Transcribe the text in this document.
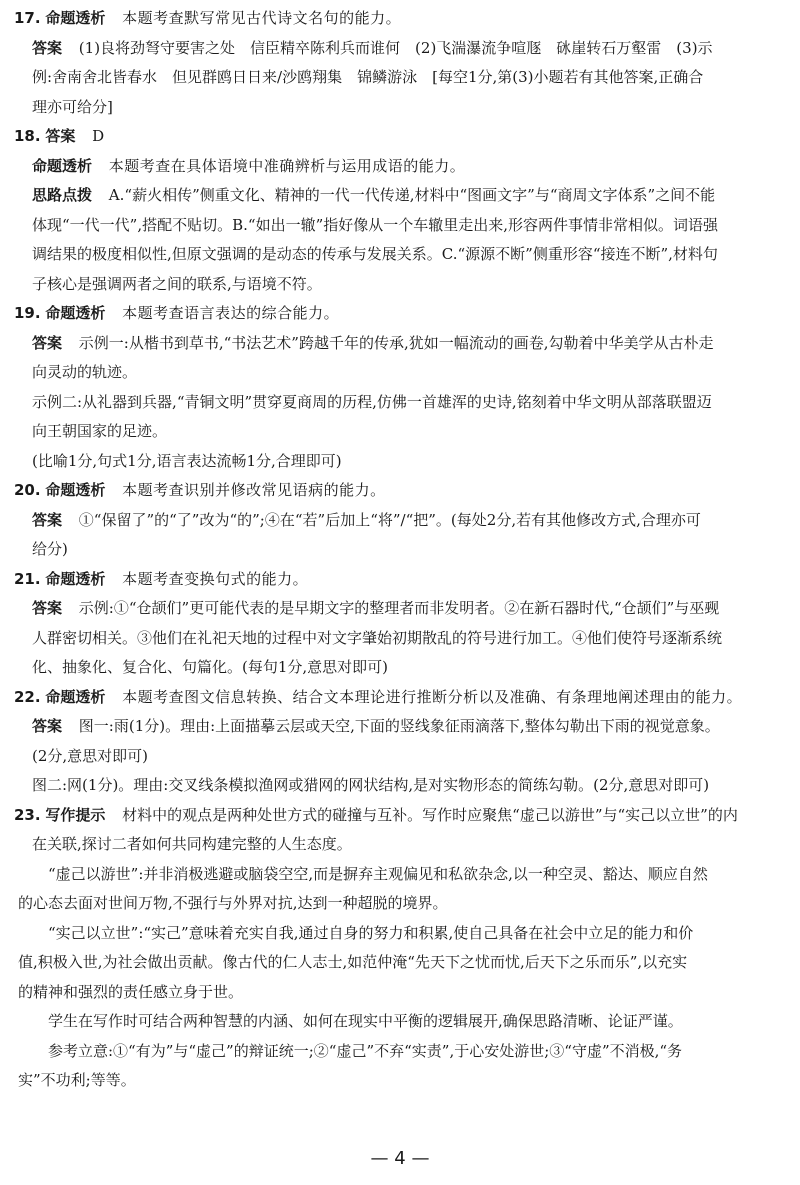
17. 命题透析 本题考查默写常见古代诗文名句的能力。
答案 (1)良将劲弩守要害之处　信臣精卒陈利兵而谁何　(2)飞湍瀑流争喧豗　砯崖转石万壑雷　(3)示
例:舍南舍北皆春水　但见群鸥日日来/沙鸥翔集　锦鳞游泳　[每空1分,第(3)小题若有其他答案,正确合
理亦可给分]
18. 答案 D
命题透析 本题考查在具体语境中准确辨析与运用成语的能力。
思路点拨 A.“薪火相传”侧重文化、精神的一代一代传递,材料中“图画文字”与“商周文字体系”之间不能
体现“一代一代”,搭配不贴切。B.“如出一辙”指好像从一个车辙里走出来,形容两件事情非常相似。词语强
调结果的极度相似性,但原文强调的是动态的传承与发展关系。C.“源源不断”侧重形容“接连不断”,材料句
子核心是强调两者之间的联系,与语境不符。
19. 命题透析 本题考查语言表达的综合能力。
答案 示例一:从楷书到草书,“书法艺术”跨越千年的传承,犹如一幅流动的画卷,勾勒着中华美学从古朴走
向灵动的轨迹。
示例二:从礼器到兵器,“青铜文明”贯穿夏商周的历程,仿佛一首雄浑的史诗,铭刻着中华文明从部落联盟迈
向王朝国家的足迹。
(比喻1分,句式1分,语言表达流畅1分,合理即可)
20. 命题透析 本题考查识别并修改常见语病的能力。
答案 ①“保留了”的“了”改为“的”;④在“若”后加上“将”/“把”。(每处2分,若有其他修改方式,合理亦可
给分)
21. 命题透析 本题考查变换句式的能力。
答案 示例:①“仓颉们”更可能代表的是早期文字的整理者而非发明者。②在新石器时代,“仓颉们”与巫觋
人群密切相关。③他们在礼祀天地的过程中对文字肇始初期散乱的符号进行加工。④他们使符号逐渐系统
化、抽象化、复合化、句篇化。(每句1分,意思对即可)
22. 命题透析 本题考查图文信息转换、结合文本理论进行推断分析以及准确、有条理地阐述理由的能力。
答案 图一:雨(1分)。理由:上面描摹云层或天空,下面的竖线象征雨滴落下,整体勾勒出下雨的视觉意象。
(2分,意思对即可)
图二:网(1分)。理由:交叉线条模拟渔网或猎网的网状结构,是对实物形态的简练勾勒。(2分,意思对即可)
23. 写作提示 材料中的观点是两种处世方式的碰撞与互补。写作时应聚焦“虚己以游世”与“实己以立世”的内
在关联,探讨二者如何共同构建完整的人生态度。
“虚己以游世”:并非消极逃避或脑袋空空,而是摒弃主观偏见和私欲杂念,以一种空灵、豁达、顺应自然
的心态去面对世间万物,不强行与外界对抗,达到一种超脱的境界。
“实己以立世”:“实己”意味着充实自我,通过自身的努力和积累,使自己具备在社会中立足的能力和价
值,积极入世,为社会做出贡献。像古代的仁人志士,如范仲淹“先天下之忧而忧,后天下之乐而乐”,以充实
的精神和强烈的责任感立身于世。
学生在写作时可结合两种智慧的内涵、如何在现实中平衡的逻辑展开,确保思路清晰、论证严谨。
参考立意:①“有为”与“虚己”的辩证统一;②“虚己”不弃“实责”,于心安处游世;③“守虚”不消极,“务
实”不功利;等等。
— 4 —
